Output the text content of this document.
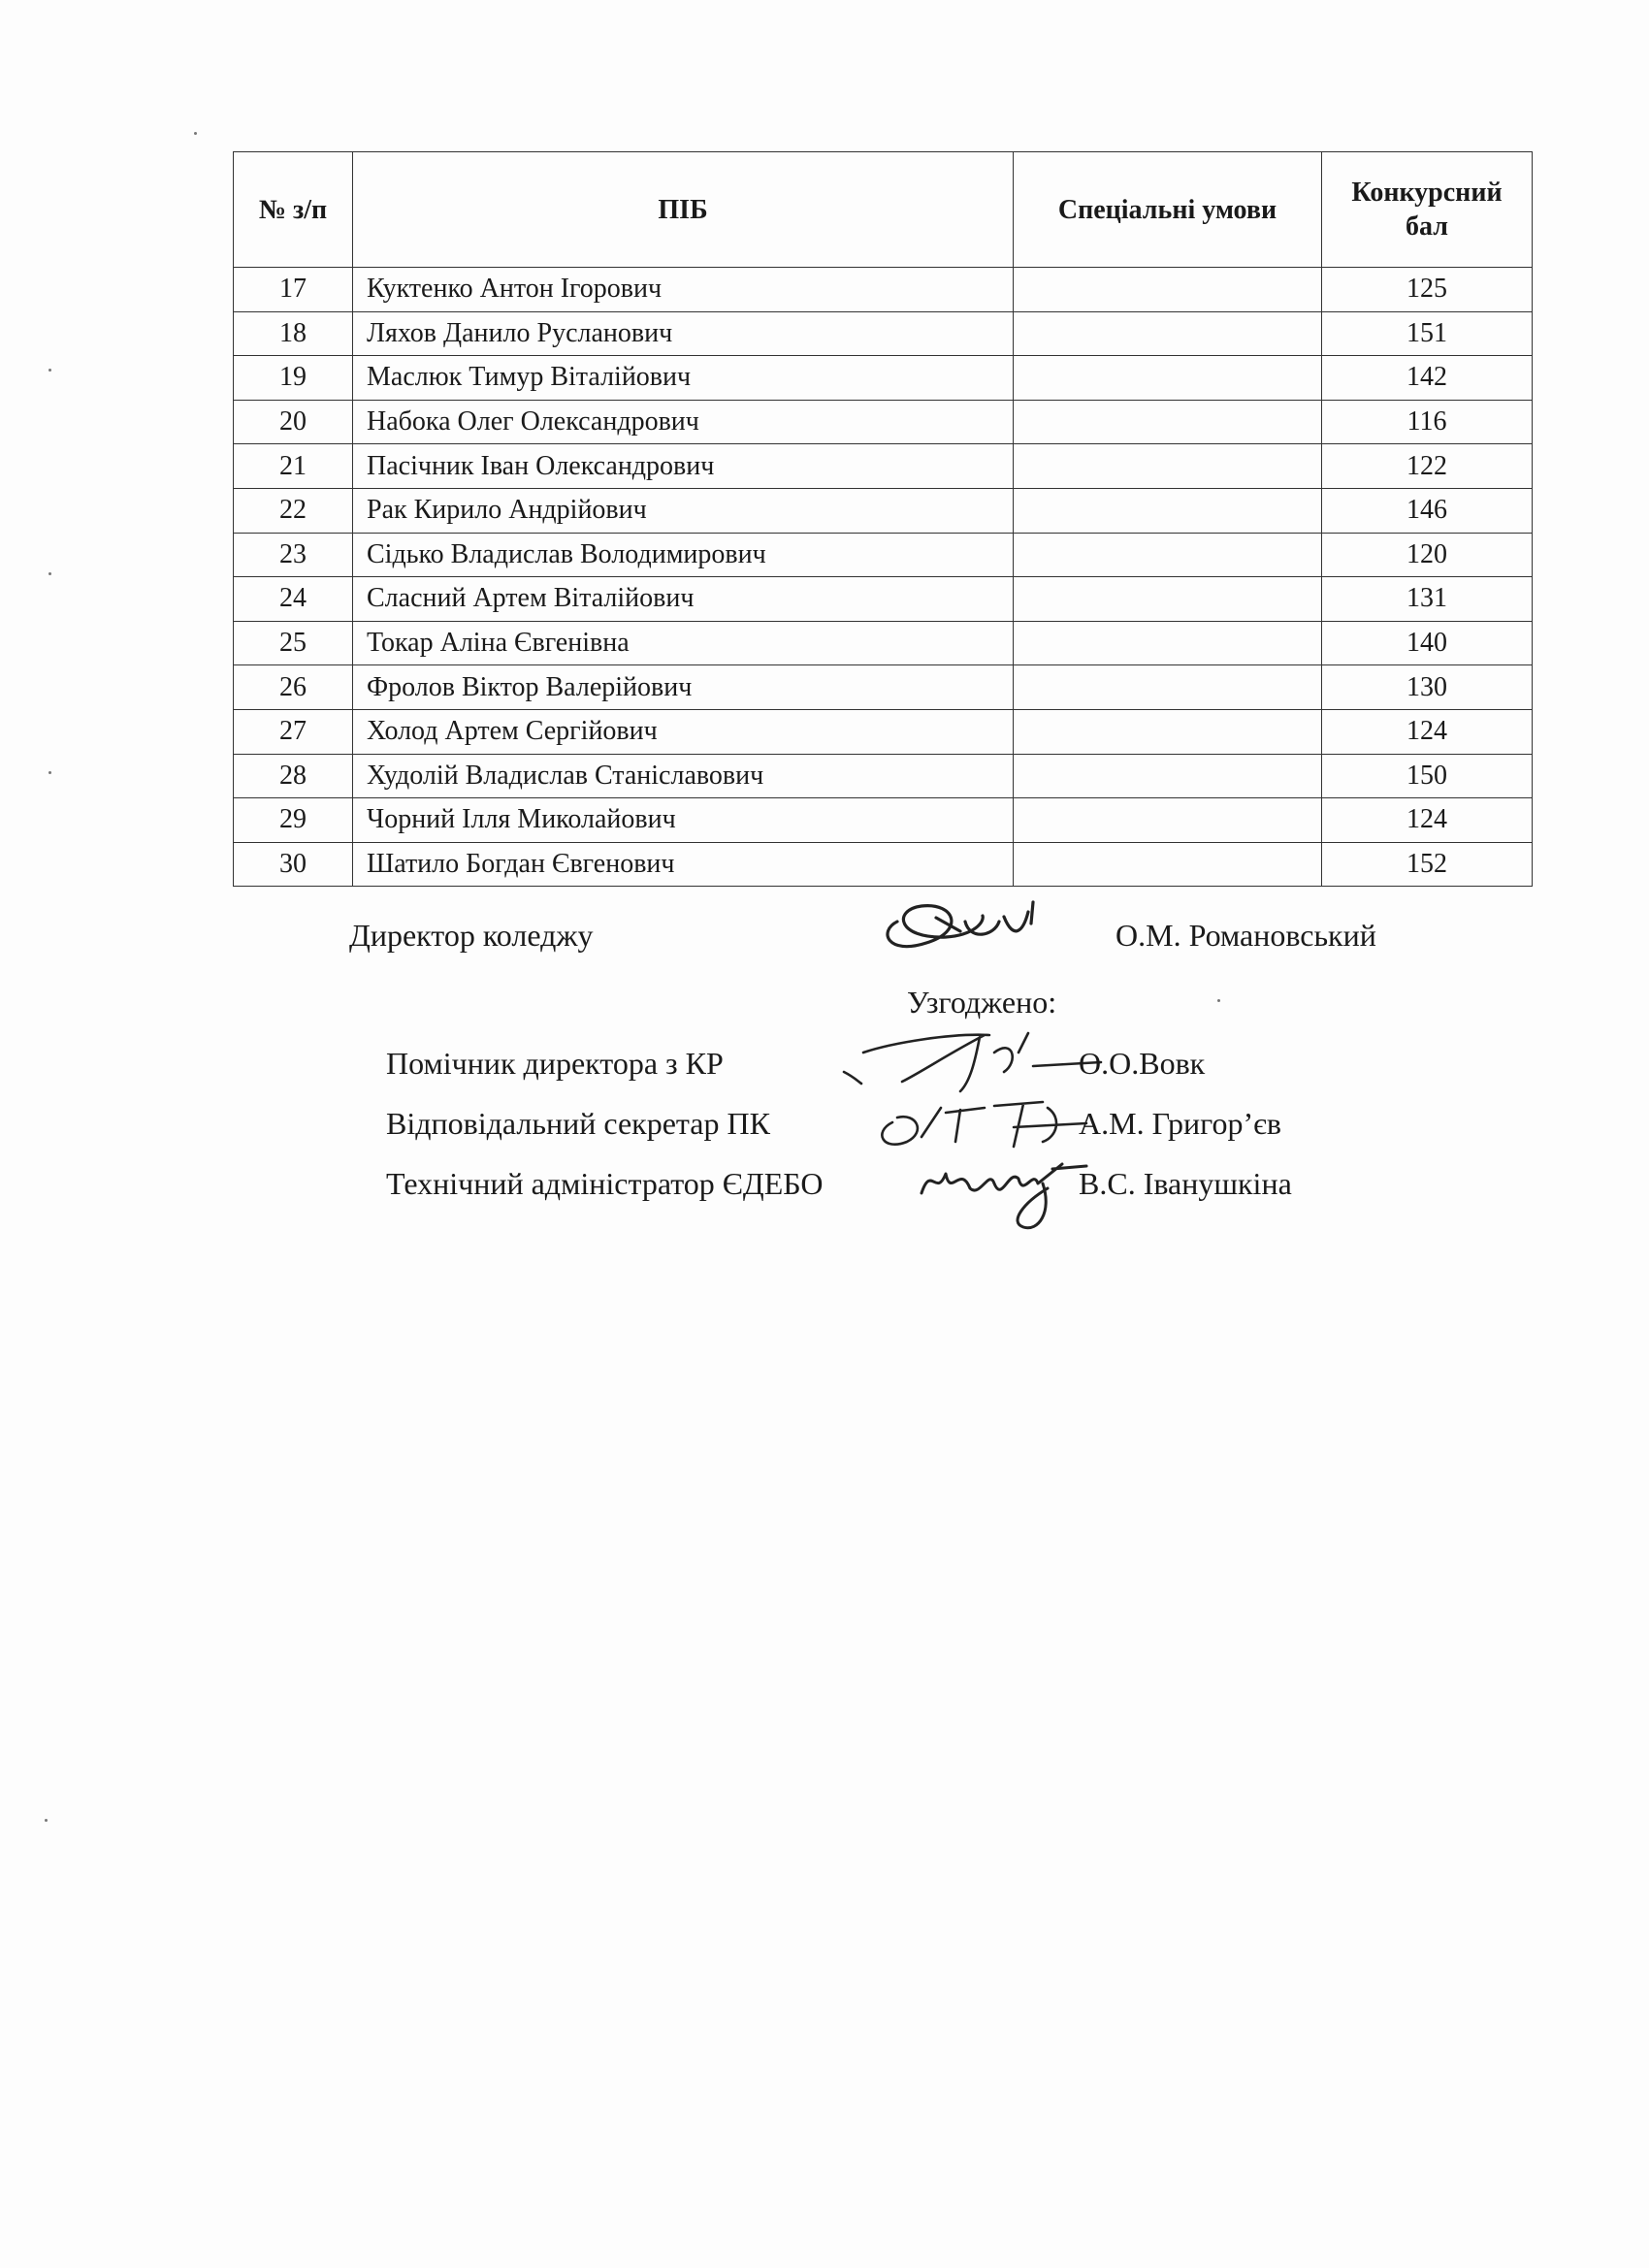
№ з/п	ПІБ	Спеціальні умови	Конкурсний
бал
17	Куктенко Антон Ігорович		125
18	Ляхов Данило Русланович		151
19	Маслюк Тимур Віталійович		142
20	Набока Олег Олександрович		116
21	Пасічник Іван Олександрович		122
22	Рак Кирило Андрійович		146
23	Сідько Владислав Володимирович		120
24	Сласний Артем Віталійович		131
25	Токар Аліна Євгенівна		140
26	Фролов Віктор Валерійович		130
27	Холод Артем Сергійович		124
28	Худолій Владислав Станіславович		150
29	Чорний Ілля Миколайович		124
30	Шатило Богдан Євгенович		152
Директор коледжу	О.М. Романовський
Узгоджено:
Помічник директора з КР	О.О.Вовк
Відповідальний секретар ПК	А.М. Григор’єв
Технічний адміністратор ЄДЕБО	В.С. Іванушкіна
